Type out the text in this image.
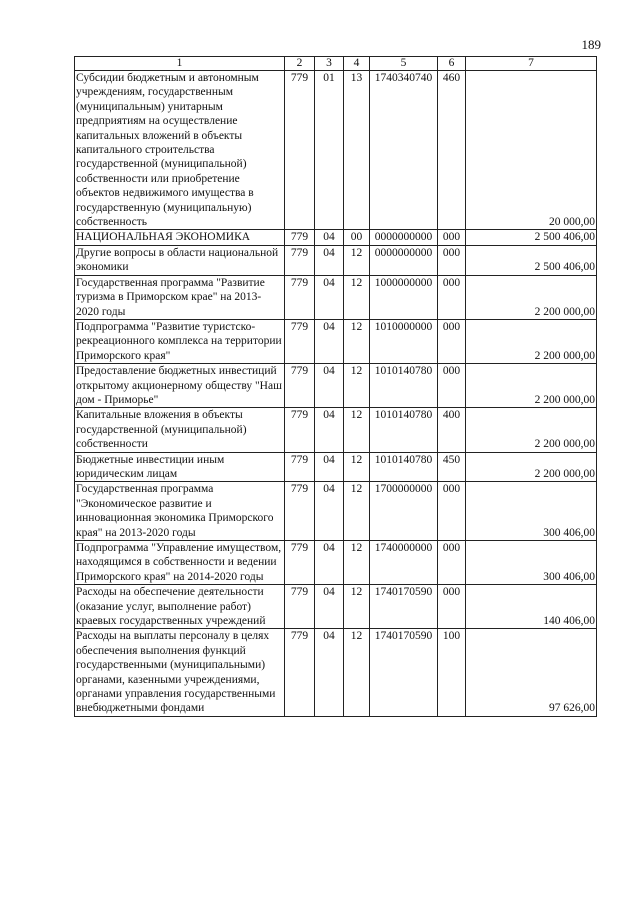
189
1	2	3	4	5	6	7
Субсидии бюджетным и автономным учреждениям, государственным (муниципальным) унитарным предприятиям на осуществление капитальных вложений в объекты капитального строительства государственной (муниципальной) собственности или приобретение объектов недвижимого имущества в государственную (муниципальную) собственность	779	01	13	1740340740	460	20 000,00
НАЦИОНАЛЬНАЯ ЭКОНОМИКА	779	04	00	0000000000	000	2 500 406,00
Другие вопросы в области национальной экономики	779	04	12	0000000000	000	2 500 406,00
Государственная программа "Развитие туризма в Приморском крае" на 2013-2020 годы	779	04	12	1000000000	000	2 200 000,00
Подпрограмма "Развитие туристско-рекреационного комплекса на территории Приморского края"	779	04	12	1010000000	000	2 200 000,00
Предоставление бюджетных инвестиций открытому акционерному обществу "Наш дом - Приморье"	779	04	12	1010140780	000	2 200 000,00
Капитальные вложения в объекты государственной (муниципальной) собственности	779	04	12	1010140780	400	2 200 000,00
Бюджетные инвестиции иным юридическим лицам	779	04	12	1010140780	450	2 200 000,00
Государственная программа "Экономическое развитие и инновационная экономика Приморского края" на 2013-2020 годы	779	04	12	1700000000	000	300 406,00
Подпрограмма "Управление имуществом, находящимся в собственности и ведении Приморского края" на 2014-2020 годы	779	04	12	1740000000	000	300 406,00
Расходы на обеспечение деятельности (оказание услуг, выполнение работ) краевых государственных учреждений	779	04	12	1740170590	000	140 406,00
Расходы на выплаты персоналу в целях обеспечения выполнения функций государственными (муниципальными) органами, казенными учреждениями, органами управления государственными внебюджетными фондами	779	04	12	1740170590	100	97 626,00
